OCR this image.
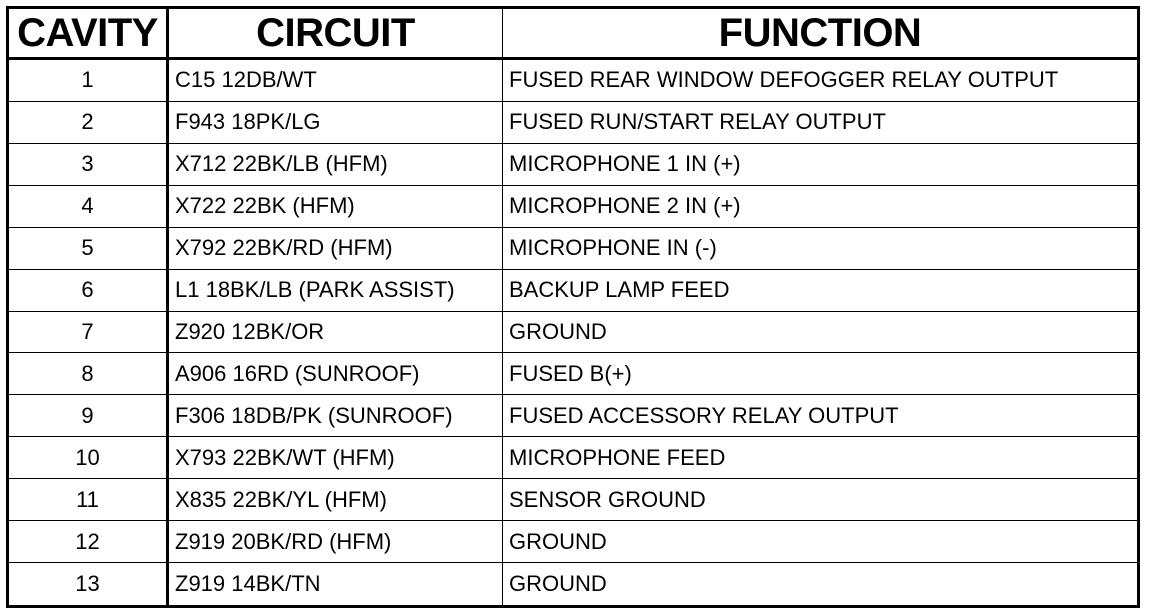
CAVITY	CIRCUIT	FUNCTION
1	C15 12DB/WT	FUSED REAR WINDOW DEFOGGER RELAY OUTPUT
2	F943 18PK/LG	FUSED RUN/START RELAY OUTPUT
3	X712 22BK/LB (HFM)	MICROPHONE 1 IN (+)
4	X722 22BK (HFM)	MICROPHONE 2 IN (+)
5	X792 22BK/RD (HFM)	MICROPHONE IN (-)
6	L1 18BK/LB (PARK ASSIST)	BACKUP LAMP FEED
7	Z920 12BK/OR	GROUND
8	A906 16RD (SUNROOF)	FUSED B(+)
9	F306 18DB/PK (SUNROOF)	FUSED ACCESSORY RELAY OUTPUT
10	X793 22BK/WT (HFM)	MICROPHONE FEED
11	X835 22BK/YL (HFM)	SENSOR GROUND
12	Z919 20BK/RD (HFM)	GROUND
13	Z919 14BK/TN	GROUND
